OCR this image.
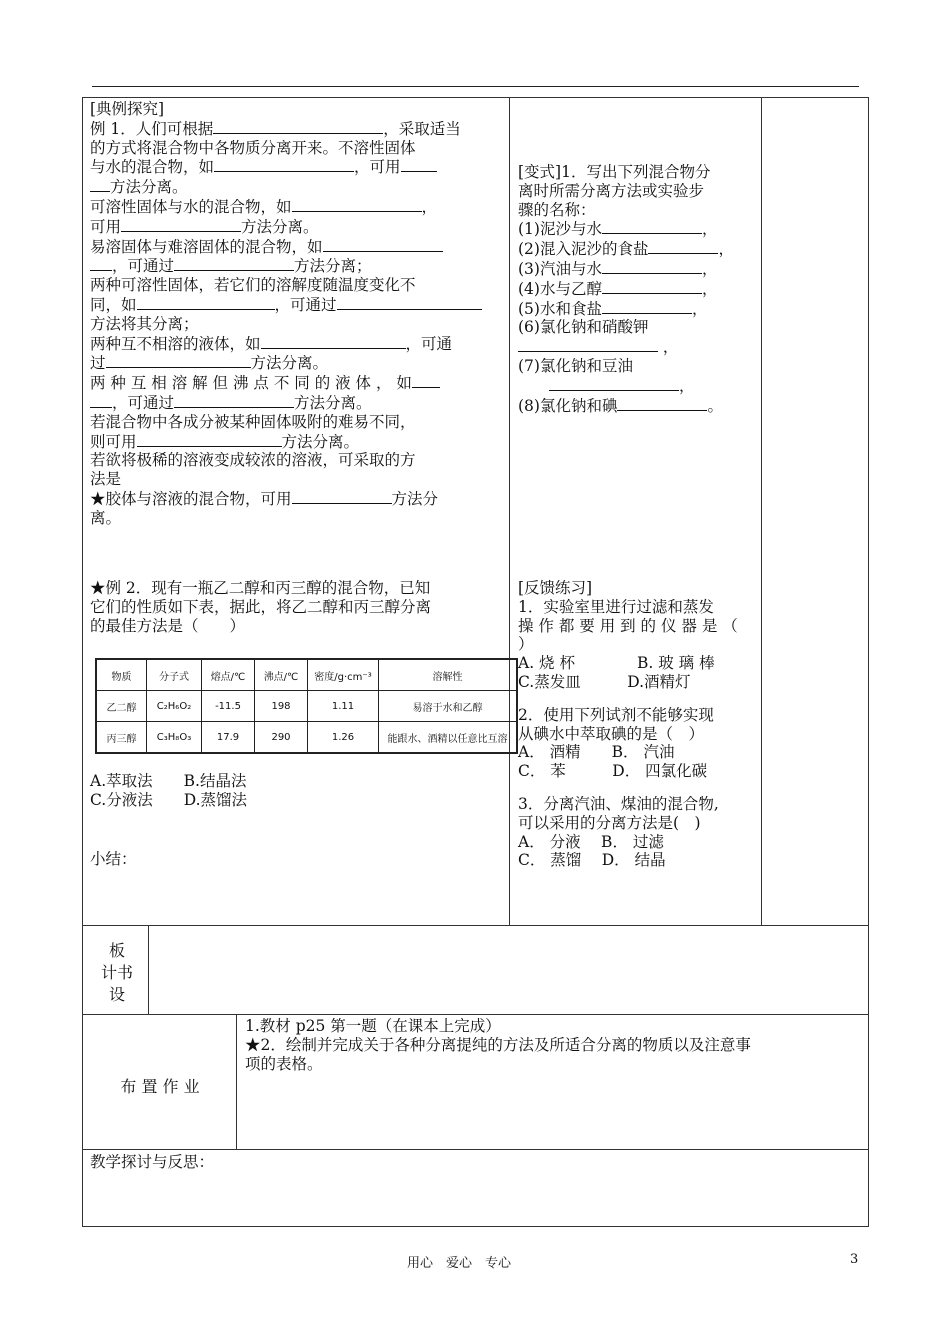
[典例探究]
例 1．人们可根据	，采取适当
的方式将混合物中各物质分离开来。不溶性固体
与水的混合物，如	，可用
方法分离。
可溶性固体与水的混合物，如	，
可用	方法分离。
易溶固体与难溶固体的混合物，如
，可通过	方法分离；
两种可溶性固体，若它们的溶解度随温度变化不
同，如	，可通过
方法将其分离；
两种互不相溶的液体，如	，可通
过	方法分离。
两 种 互 相 溶 解 但 沸 点 不 同 的 液 体 ， 如
，可通过	方法分离。
若混合物中各成分被某种固体吸附的难易不同，
则可用	方法分离。
若欲将极稀的溶液变成较浓的溶液，可采取的方
法是
★胶体与溶液的混合物，可用	方法分
离。
★例 2．现有一瓶乙二醇和丙三醇的混合物，已知
它们的性质如下表，据此，将乙二醇和丙三醇分离
的最佳方法是（　　）
物质	分子式	熔点/℃	沸点/℃	密度/g·cm⁻³	溶解性
乙二醇	C₂H₆O₂	-11.5	198	1.11	易溶于水和乙醇
丙三醇	C₃H₈O₃	17.9	290	1.26	能跟水、酒精以任意比互溶
A.萃取法　　B.结晶法
C.分液法　　D.蒸馏法
小结：
[变式]1．写出下列混合物分
离时所需分离方法或实验步
骤的名称：
(1)泥沙与水	，
(2)混入泥沙的食盐	，
(3)汽油与水	，
(4)水与乙醇	，
(5)水和食盐	，
(6)氯化钠和硝酸钾
，
(7)氯化钠和豆油
　　，
(8)氯化钠和碘	。
[反馈练习]
1．实验室里进行过滤和蒸发
操 作 都 要 用 到 的 仪 器 是 （
）
A. 烧 杯　　　　B. 玻 璃 棒
C.蒸发皿　　　D.酒精灯
2．使用下列试剂不能够实现
从碘水中萃取碘的是（　）
A． 酒精　　B． 汽油
C． 苯　　　D． 四氯化碳
3．分离汽油、煤油的混合物,
可以采用的分离方法是(　)
A． 分液　 B． 过滤
C． 蒸馏　 D． 结晶
板
计书
设
布 置 作 业
1.教材 p25 第一题（在课本上完成）
★2．绘制并完成关于各种分离提纯的方法及所适合分离的物质以及注意事
项的表格。
教学探讨与反思：
用心　爱心　专心	3
